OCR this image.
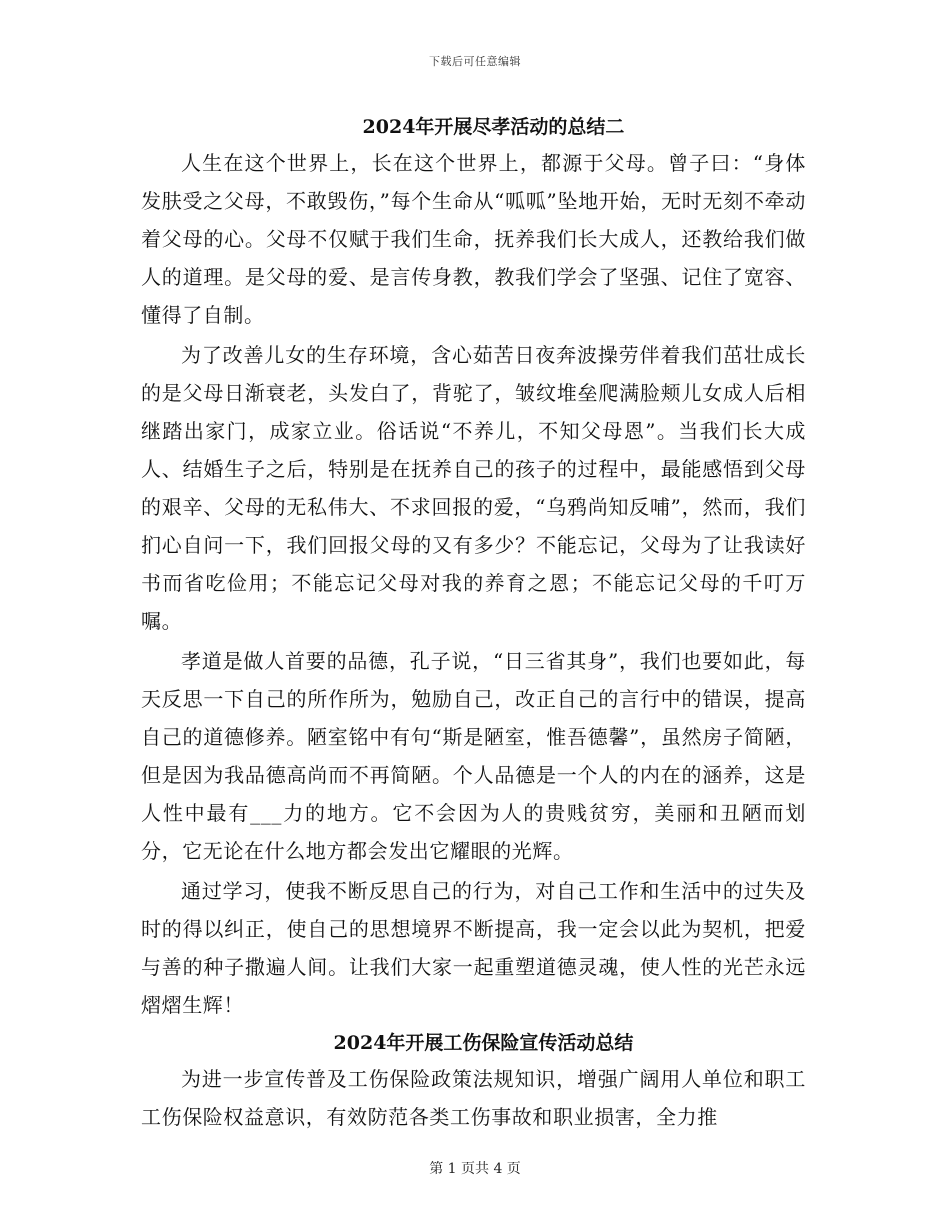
下载后可任意编辑
2024年开展尽孝活动的总结二

人生在这个世界上，长在这个世界上，都源于父母。曾子曰：“身体发肤受之父母，不敢毁伤，”每个生命从“呱呱”坠地开始，无时无刻不牵动着父母的心。父母不仅赋于我们生命，抚养我们长大成人，还教给我们做人的道理。是父母的爱、是言传身教，教我们学会了坚强、记住了宽容、懂得了自制。

为了改善儿女的生存环境，含心茹苦日夜奔波操劳伴着我们茁壮成长的是父母日渐衰老，头发白了，背驼了，皱纹堆垒爬满脸颊儿女成人后相继踏出家门，成家立业。俗话说“不养儿，不知父母恩”。当我们长大成人、结婚生子之后，特别是在抚养自己的孩子的过程中，最能感悟到父母的艰辛、父母的无私伟大、不求回报的爱，“乌鸦尚知反哺”，然而，我们扪心自问一下，我们回报父母的又有多少？不能忘记，父母为了让我读好书而省吃俭用；不能忘记父母对我的养育之恩；不能忘记父母的千叮万嘱。

孝道是做人首要的品德，孔子说，“日三省其身”，我们也要如此，每天反思一下自己的所作所为，勉励自己，改正自己的言行中的错误，提高自己的道德修养。陋室铭中有句“斯是陋室，惟吾德馨”，虽然房子简陋，但是因为我品德高尚而不再简陋。个人品德是一个人的内在的涵养，这是人性中最有___力的地方。它不会因为人的贵贱贫穷，美丽和丑陋而划分，它无论在什么地方都会发出它耀眼的光辉。

通过学习，使我不断反思自己的行为，对自己工作和生活中的过失及时的得以纠正，使自己的思想境界不断提高，我一定会以此为契机，把爱与善的种子撒遍人间。让我们大家一起重塑道德灵魂，使人性的光芒永远熠熠生辉！

2024年开展工伤保险宣传活动总结

为进一步宣传普及工伤保险政策法规知识，增强广阔用人单位和职工工伤保险权益意识，有效防范各类工伤事故和职业损害，全力推

第 1 页共 4 页
